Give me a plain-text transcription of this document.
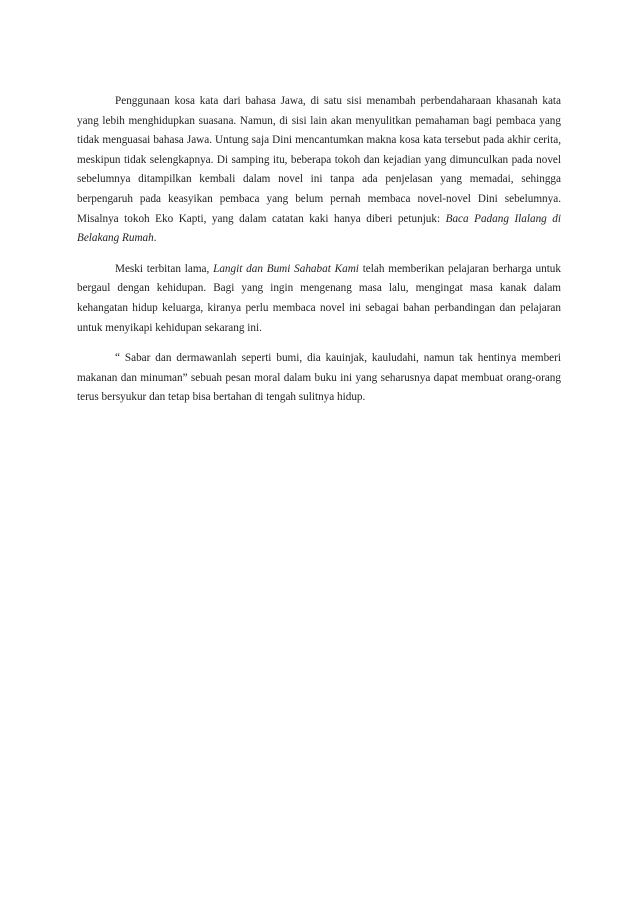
Penggunaan kosa kata dari bahasa Jawa, di satu sisi menambah perbendaharaan khasanah kata yang lebih menghidupkan suasana. Namun, di sisi lain akan menyulitkan pemahaman bagi pembaca yang tidak menguasai bahasa Jawa. Untung saja Dini mencantumkan makna kosa kata tersebut pada akhir cerita, meskipun tidak selengkapnya. Di samping itu, beberapa tokoh dan kejadian yang dimunculkan pada novel sebelumnya ditampilkan kembali dalam novel ini tanpa ada penjelasan yang memadai, sehingga berpengaruh pada keasyikan pembaca yang belum pernah membaca novel-novel Dini sebelumnya. Misalnya tokoh Eko Kapti, yang dalam catatan kaki hanya diberi petunjuk: Baca Padang Ilalang di Belakang Rumah.

Meski terbitan lama, Langit dan Bumi Sahabat Kami telah memberikan pelajaran berharga untuk bergaul dengan kehidupan. Bagi yang ingin mengenang masa lalu, mengingat masa kanak dalam kehangatan hidup keluarga, kiranya perlu membaca novel ini sebagai bahan perbandingan dan pelajaran untuk menyikapi kehidupan sekarang ini.

“ Sabar dan dermawanlah seperti bumi, dia kauinjak, kauludahi, namun tak hentinya memberi makanan dan minuman” sebuah pesan moral dalam buku ini yang seharusnya dapat membuat orang-orang terus bersyukur dan tetap bisa bertahan di tengah sulitnya hidup.
